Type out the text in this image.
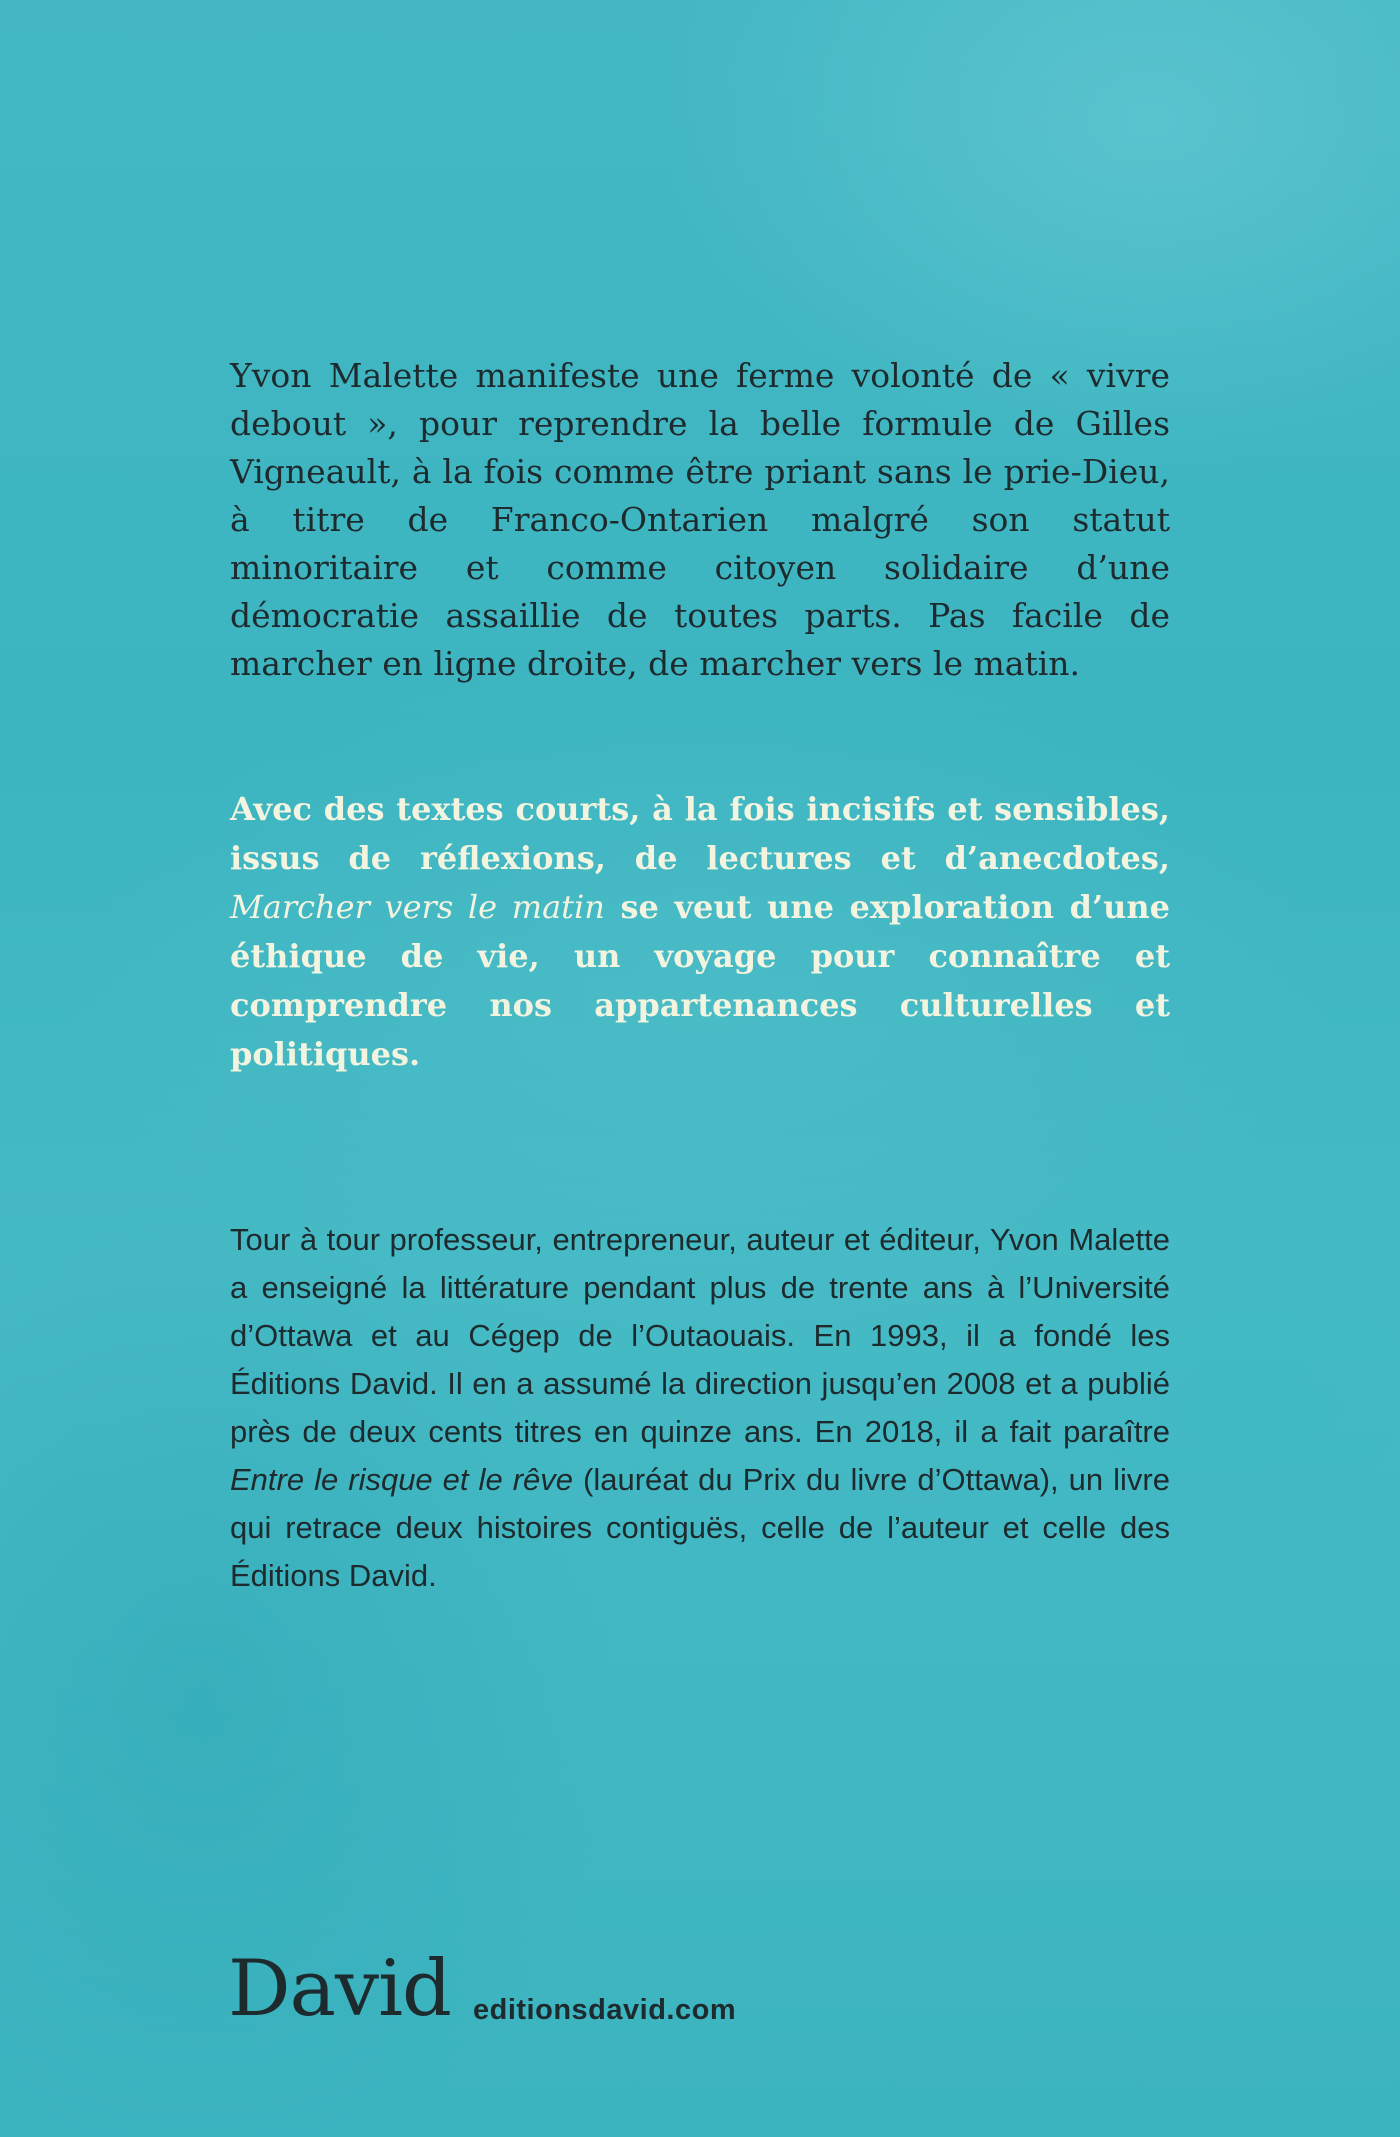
Yvon Malette manifeste une ferme volonté de « vivre debout », pour reprendre la belle formule de Gilles Vigneault, à la fois comme être priant sans le prie-Dieu, à titre de Franco-Ontarien malgré son statut minoritaire et comme citoyen solidaire d’une démocratie assaillie de toutes parts. Pas facile de marcher en ligne droite, de marcher vers le matin.

Avec des textes courts, à la fois incisifs et sensibles, issus de réflexions, de lectures et d’anecdotes, Marcher vers le matin se veut une exploration d’une éthique de vie, un voyage pour connaître et comprendre nos appartenances culturelles et politiques.

Tour à tour professeur, entrepreneur, auteur et éditeur, Yvon Malette a enseigné la littérature pendant plus de trente ans à l’Université d’Ottawa et au Cégep de l’Outaouais. En 1993, il a fondé les Éditions David. Il en a assumé la direction jusqu’en 2008 et a publié près de deux cents titres en quinze ans. En 2018, il a fait paraître Entre le risque et le rêve (lauréat du Prix du livre d’Ottawa), un livre qui retrace deux histoires contiguës, celle de l’auteur et celle des Éditions David.

David editionsdavid.com
